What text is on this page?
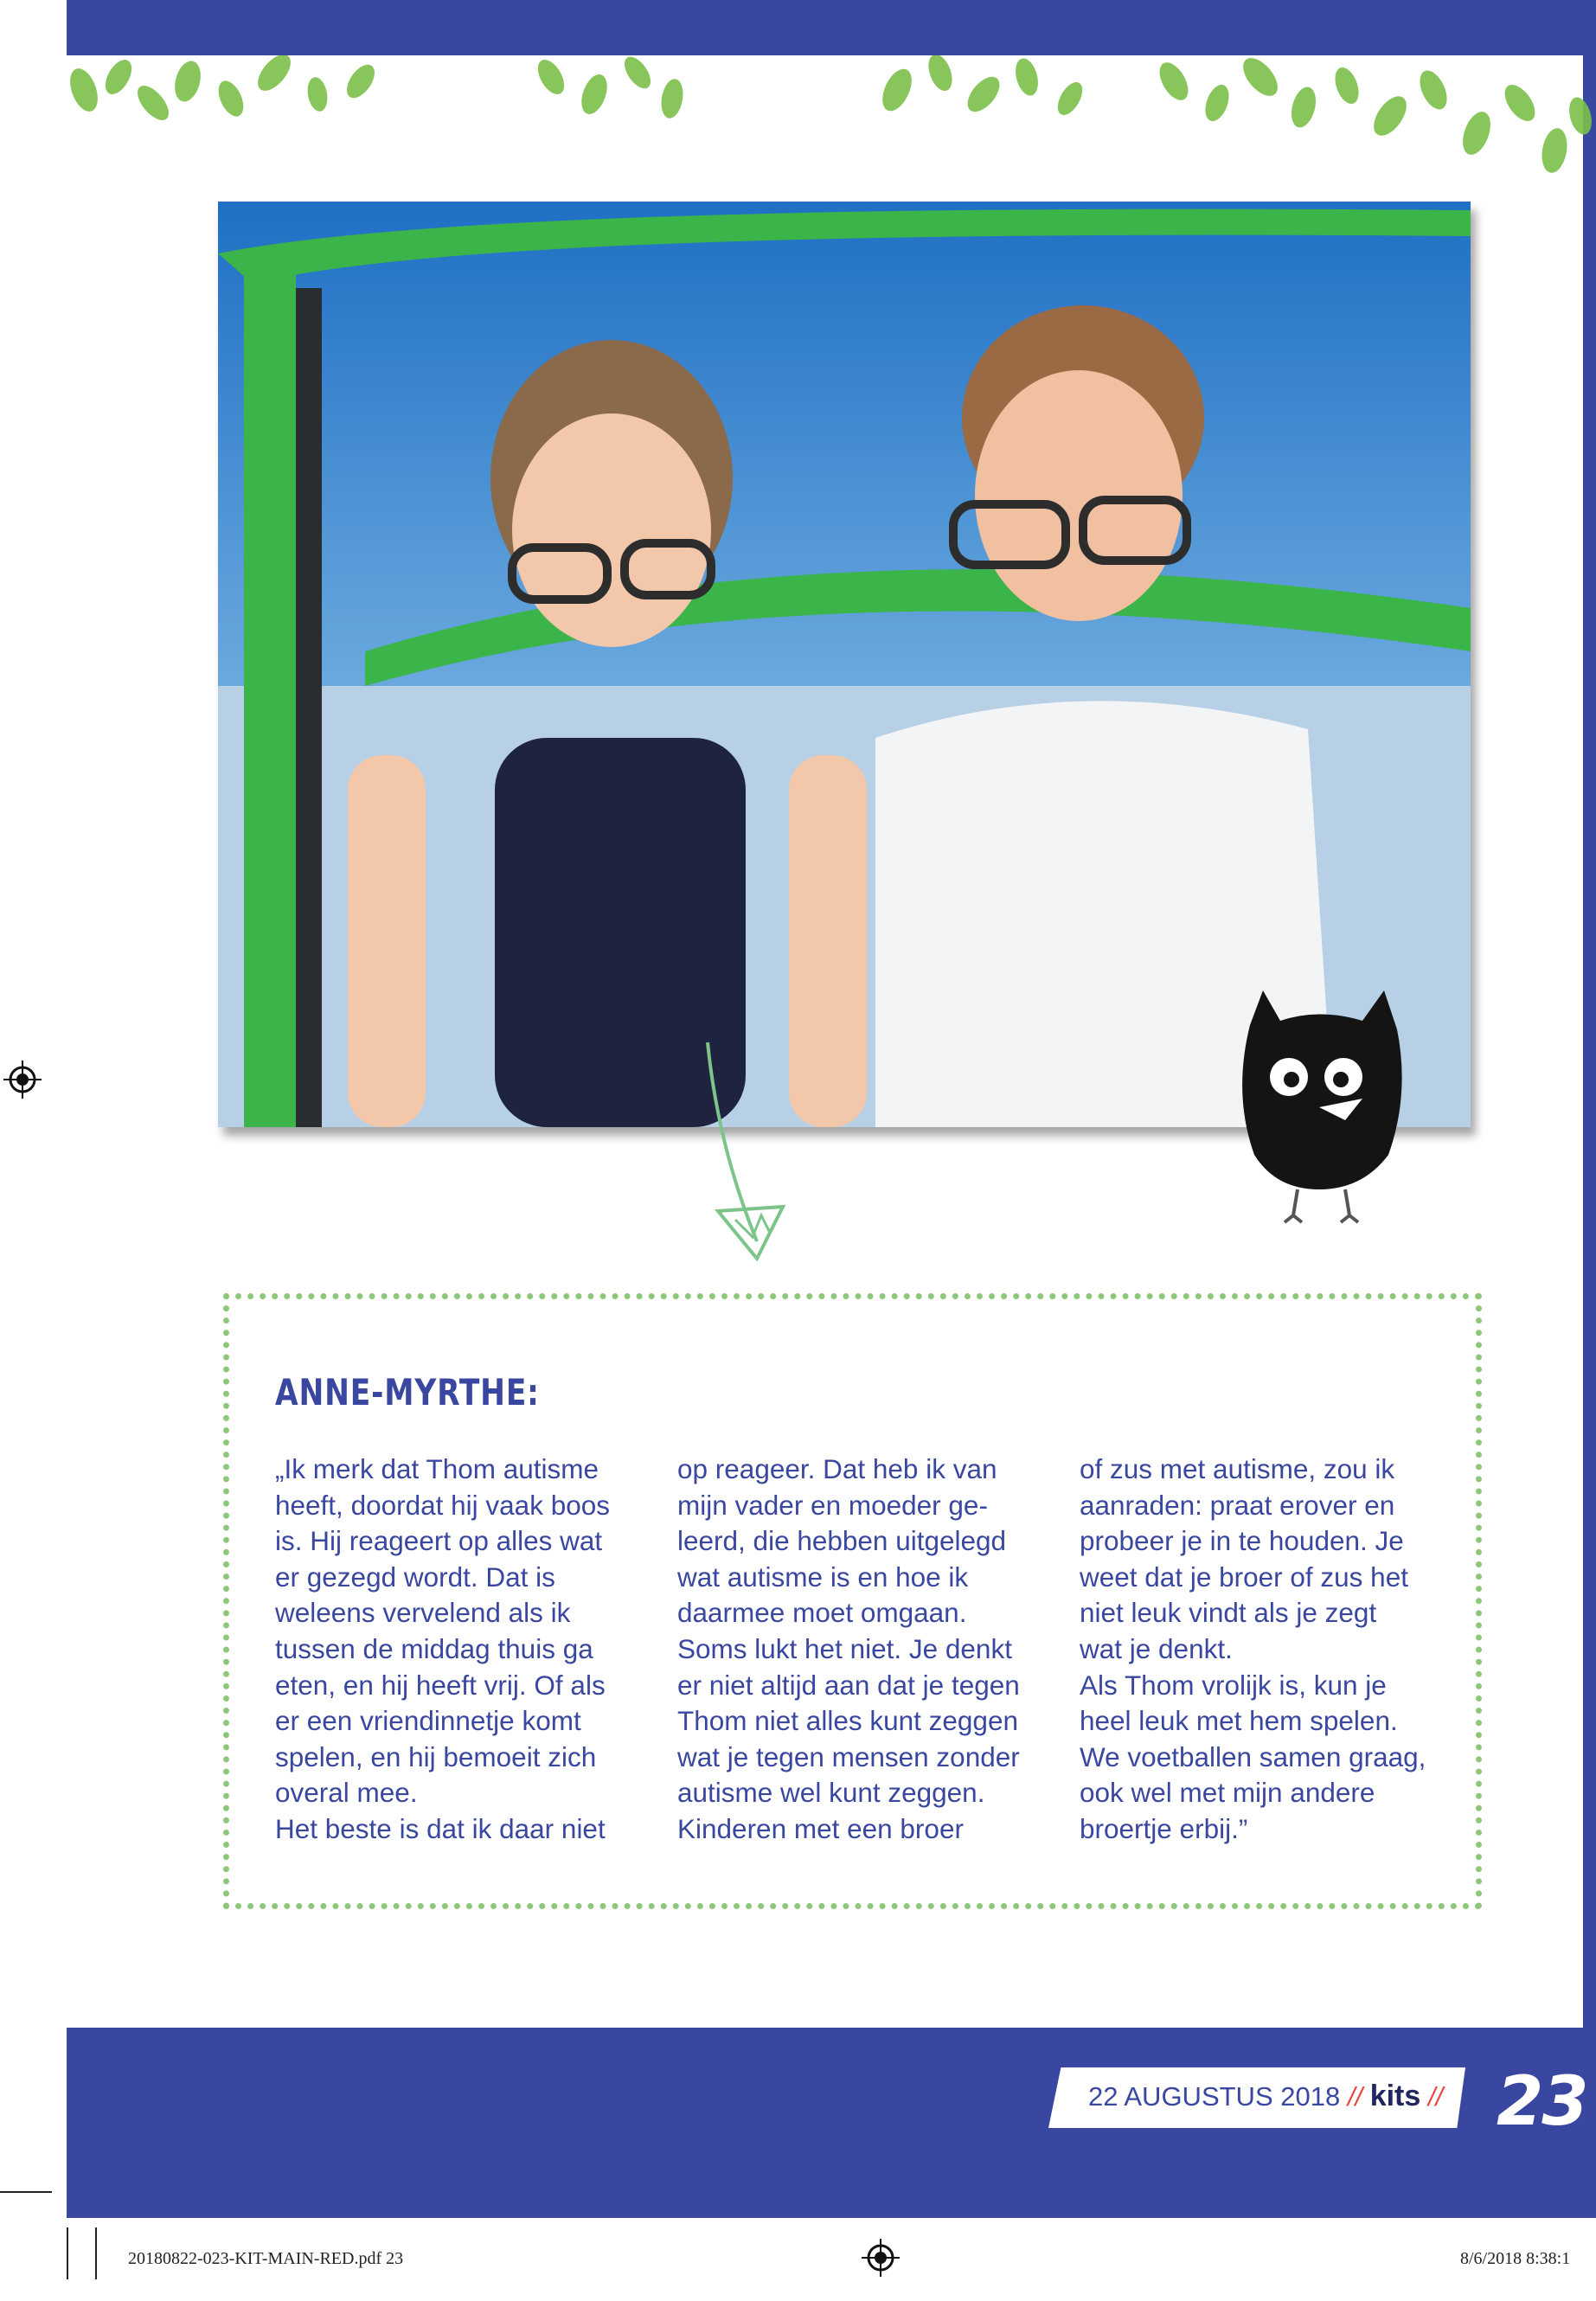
ANNE-MYRTHE:
„Ik merk dat Thom autisme
heeft, doordat hij vaak boos
is. Hij reageert op alles wat
er gezegd wordt. Dat is
weleens vervelend als ik
tussen de middag thuis ga
eten, en hij heeft vrij. Of als
er een vriendinnetje komt
spelen, en hij bemoeit zich
overal mee.
Het beste is dat ik daar niet
op reageer. Dat heb ik van
mijn vader en moeder ge-
leerd, die hebben uitgelegd
wat autisme is en hoe ik
daarmee moet omgaan.
Soms lukt het niet. Je denkt
er niet altijd aan dat je tegen
Thom niet alles kunt zeggen
wat je tegen mensen zonder
autisme wel kunt zeggen.
Kinderen met een broer
of zus met autisme, zou ik
aanraden: praat erover en
probeer je in te houden. Je
weet dat je broer of zus het
niet leuk vindt als je zegt
wat je denkt.
Als Thom vrolijk is, kun je
heel leuk met hem spelen.
We voetballen samen graag,
ook wel met mijn andere
broertje erbij.”
22 AUGUSTUS 2018 // kits // 23
20180822-023-KIT-MAIN-RED.pdf 23	8/6/2018 8:38:1
